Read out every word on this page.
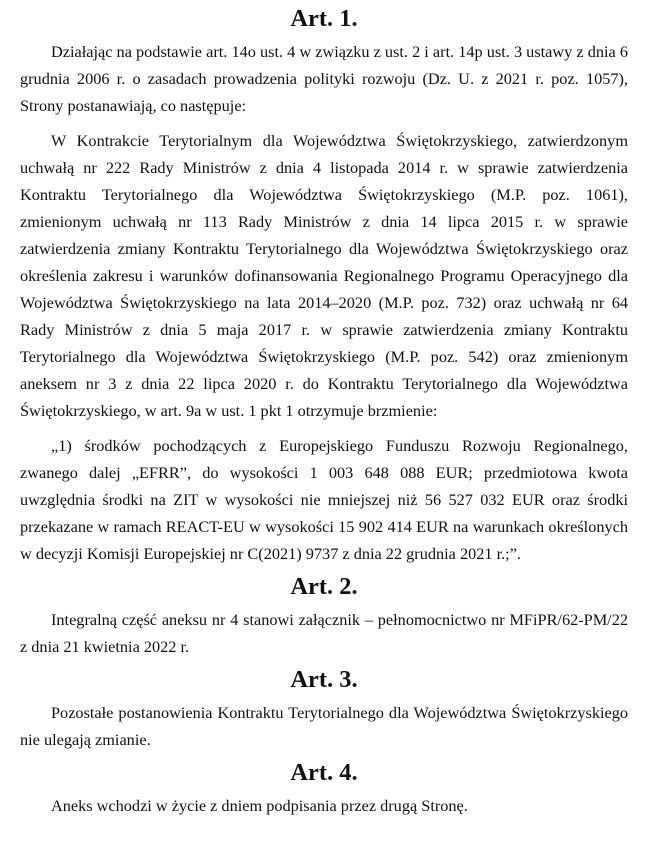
Art. 1.

Działając na podstawie art. 14o ust. 4 w związku z ust. 2 i art. 14p ust. 3 ustawy z dnia 6 grudnia 2006 r. o zasadach prowadzenia polityki rozwoju (Dz. U. z 2021 r. poz. 1057), Strony postanawiają, co następuje:

W Kontrakcie Terytorialnym dla Województwa Świętokrzyskiego, zatwierdzonym uchwałą nr 222 Rady Ministrów z dnia 4 listopada 2014 r. w sprawie zatwierdzenia Kontraktu Terytorialnego dla Województwa Świętokrzyskiego (M.P. poz. 1061), zmienionym uchwałą nr 113 Rady Ministrów z dnia 14 lipca 2015 r. w sprawie zatwierdzenia zmiany Kontraktu Terytorialnego dla Województwa Świętokrzyskiego oraz określenia zakresu i warunków dofinansowania Regionalnego Programu Operacyjnego dla Województwa Świętokrzyskiego na lata 2014–2020 (M.P. poz. 732) oraz uchwałą nr 64 Rady Ministrów z dnia 5 maja 2017 r. w sprawie zatwierdzenia zmiany Kontraktu Terytorialnego dla Województwa Świętokrzyskiego (M.P. poz. 542) oraz zmienionym aneksem nr 3 z dnia 22 lipca 2020 r. do Kontraktu Terytorialnego dla Województwa Świętokrzyskiego, w art. 9a w ust. 1 pkt 1 otrzymuje brzmienie:

„1) środków pochodzących z Europejskiego Funduszu Rozwoju Regionalnego, zwanego dalej „EFRR”, do wysokości 1 003 648 088 EUR; przedmiotowa kwota uwzględnia środki na ZIT w wysokości nie mniejszej niż 56 527 032 EUR oraz środki przekazane w ramach REACT-EU w wysokości 15 902 414 EUR na warunkach określonych w decyzji Komisji Europejskiej nr C(2021) 9737 z dnia 22 grudnia 2021 r.;”.

Art. 2.

Integralną część aneksu nr 4 stanowi załącznik – pełnomocnictwo nr MFiPR/62-PM/22 z dnia 21 kwietnia 2022 r.

Art. 3.

Pozostałe postanowienia Kontraktu Terytorialnego dla Województwa Świętokrzyskiego nie ulegają zmianie.

Art. 4.

Aneks wchodzi w życie z dniem podpisania przez drugą Stronę.
